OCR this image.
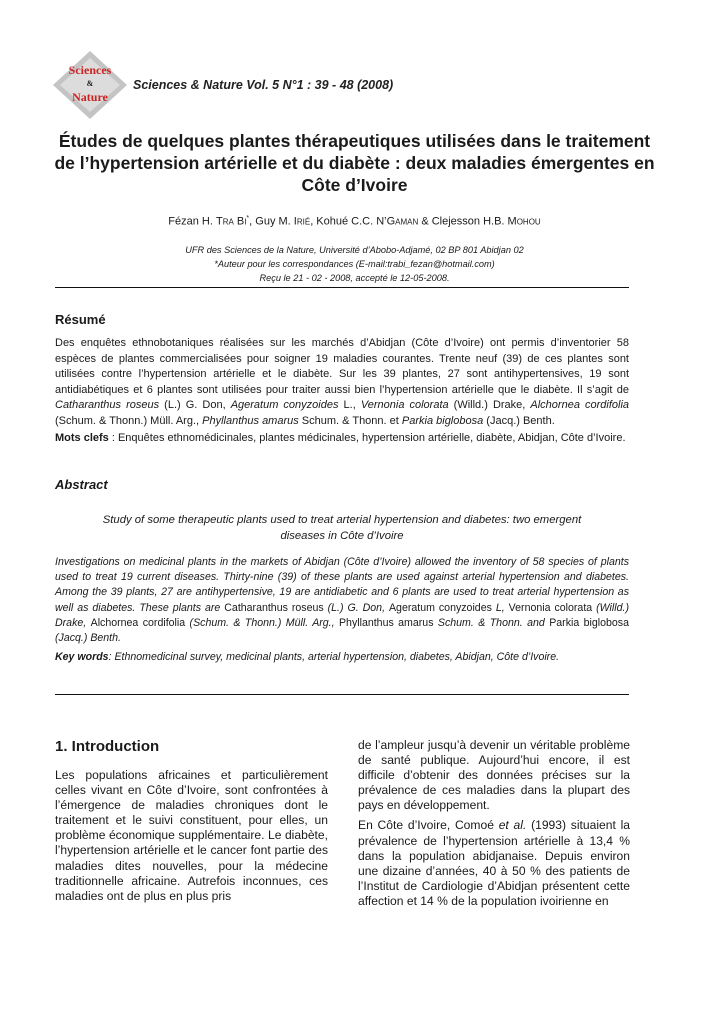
Sciences
&
Nature
Sciences & Nature Vol. 5 N°1 : 39 - 48 (2008)
Études de quelques plantes thérapeutiques utilisées dans le traitement
de l’hypertension artérielle et du diabète : deux maladies émergentes en
Côte d’Ivoire
Fézan H. Tra Bi*, Guy M. Irié, Kohué C.C. N’Gaman & Clejesson H.B. Mohou
UFR des Sciences de la Nature, Université d’Abobo-Adjamé, 02 BP 801 Abidjan 02
*Auteur pour les correspondances (E-mail:trabi_fezan@hotmail.com)
Reçu le 21 - 02 - 2008, accepté le 12-05-2008.
Résumé
Des enquêtes ethnobotaniques réalisées sur les marchés d’Abidjan (Côte d’Ivoire) ont permis d’inventorier 58 espèces de plantes commercialisées pour soigner 19 maladies courantes. Trente neuf (39) de ces plantes sont utilisées contre l’hypertension artérielle et le diabète. Sur les 39 plantes, 27 sont antihypertensives, 19 sont antidiabétiques et 6 plantes sont utilisées pour traiter aussi bien l’hypertension artérielle que le diabète. Il s’agit de Catharanthus roseus (L.) G. Don, Ageratum conyzoides L., Vernonia colorata (Willd.) Drake, Alchornea cordifolia (Schum. & Thonn.) Müll. Arg., Phyllanthus amarus Schum. & Thonn. et Parkia biglobosa (Jacq.) Benth.
Mots clefs : Enquêtes ethnomédicinales, plantes médicinales, hypertension artérielle, diabète, Abidjan, Côte d’Ivoire.
Abstract
Study of some therapeutic plants used to treat arterial hypertension and diabetes: two emergent
diseases in Côte d’Ivoire
Investigations on medicinal plants in the markets of Abidjan (Côte d’Ivoire) allowed the inventory of 58 species of plants used to treat 19 current diseases. Thirty-nine (39) of these plants are used against arterial hypertension and diabetes. Among the 39 plants, 27 are antihypertensive, 19 are antidiabetic and 6 plants are used to treat arterial hypertension as well as diabetes. These plants are Catharanthus roseus (L.) G. Don, Ageratum conyzoides L, Vernonia colorata (Willd.) Drake, Alchornea cordifolia (Schum. & Thonn.) Müll. Arg., Phyllanthus amarus Schum. & Thonn. and Parkia biglobosa (Jacq.) Benth.
Key words: Ethnomedicinal survey, medicinal plants, arterial hypertension, diabetes, Abidjan, Côte d’Ivoire.
1. Introduction

Les populations africaines et particulièrement celles vivant en Côte d’Ivoire, sont confrontées à l’émergence de maladies chroniques dont le traitement et le suivi constituent, pour elles, un problème économique supplémentaire. Le diabète, l’hypertension artérielle et le cancer font partie des maladies dites nouvelles, pour la médecine traditionnelle africaine. Autrefois inconnues, ces maladies ont de plus en plus pris

de l’ampleur jusqu’à devenir un véritable problème de santé publique. Aujourd’hui encore, il est difficile d’obtenir des données précises sur la prévalence de ces maladies dans la plupart des pays en développement.

En Côte d’Ivoire, Comoé et al. (1993) situaient la prévalence de l’hypertension artérielle à 13,4 % dans la population abidjanaise. Depuis environ une dizaine d’années, 40 à 50 % des patients de l’Institut de Cardiologie d’Abidjan présentent cette affection et 14 % de la population ivoirienne en
